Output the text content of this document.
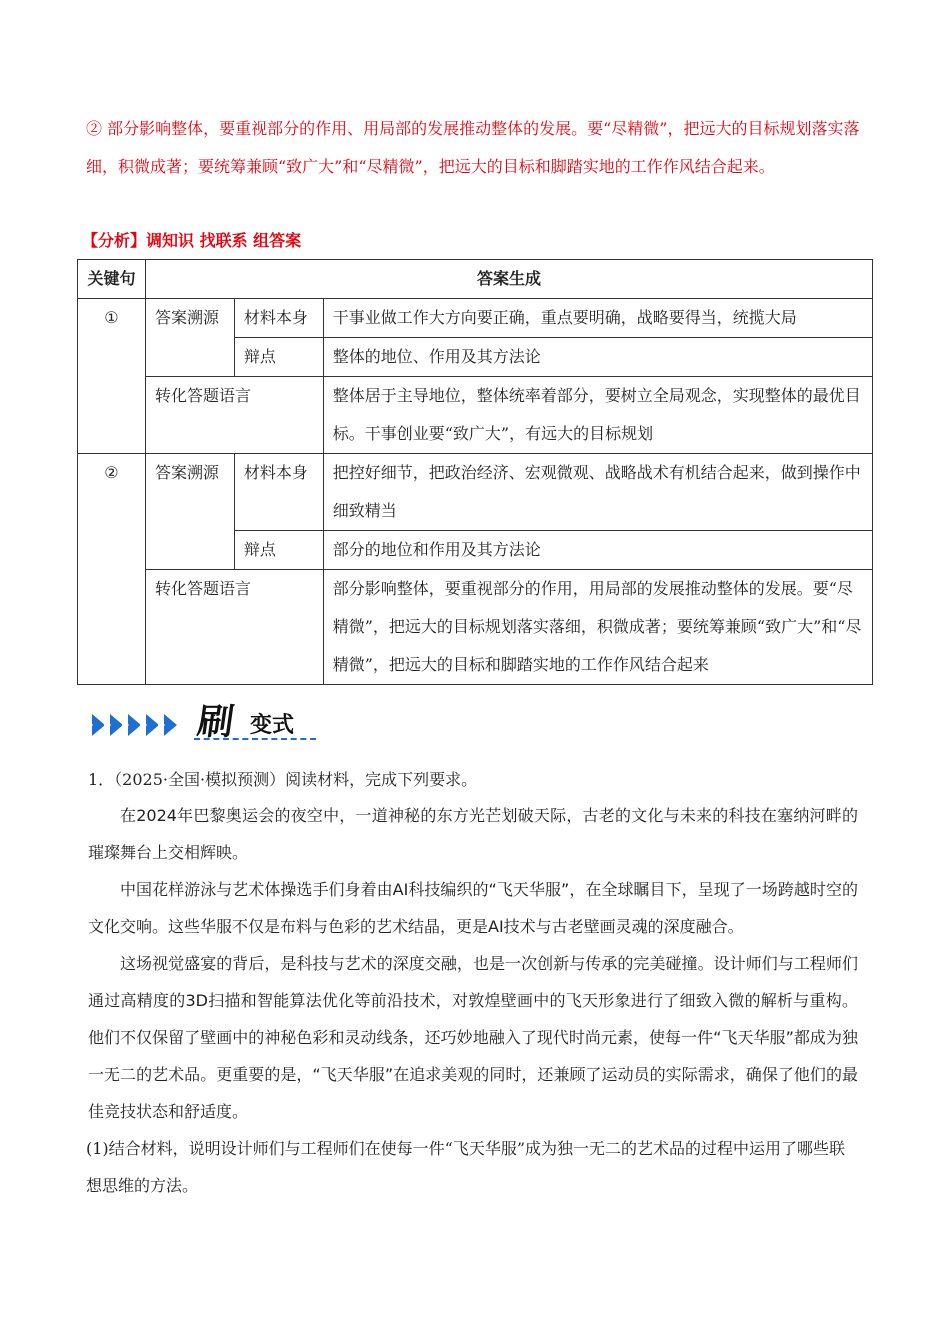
② 部分影响整体，要重视部分的作用、用局部的发展推动整体的发展。要“尽精微”，把远大的目标规划落实落细，积微成著；要统筹兼顾“致广大”和“尽精微”，把远大的目标和脚踏实地的工作作风结合起来。
【分析】调知识 找联系 组答案
关键句	答案生成		
①	答案溯源	材料本身	干事业做工作大方向要正确，重点要明确，战略要得当，统揽大局
		辩点	整体的地位、作用及其方法论
	转化答题语言		整体居于主导地位，整体统率着部分，要树立全局观念，实现整体的最优目标。干事创业要“致广大”，有远大的目标规划

②	答案溯源	材料本身	把控好细节，把政治经济、宏观微观、战略战术有机结合起来，做到操作中细致精当
		辩点	部分的地位和作用及其方法论
	转化答题语言		部分影响整体，要重视部分的作用，用局部的发展推动整体的发展。要“尽精微”，把远大的目标规划落实落细，积微成著；要统筹兼顾“致广大”和“尽精微”，把远大的目标和脚踏实地的工作作风结合起来
刷 变式
1．（2025·全国·模拟预测）阅读材料，完成下列要求。

在2024年巴黎奥运会的夜空中，一道神秘的东方光芒划破天际，古老的文化与未来的科技在塞纳河畔的璀璨舞台上交相辉映。

中国花样游泳与艺术体操选手们身着由AI科技编织的“飞天华服”，在全球瞩目下，呈现了一场跨越时空的文化交响。这些华服不仅是布料与色彩的艺术结晶，更是AI技术与古老壁画灵魂的深度融合。

这场视觉盛宴的背后，是科技与艺术的深度交融，也是一次创新与传承的完美碰撞。设计师们与工程师们通过高精度的3D扫描和智能算法优化等前沿技术，对敦煌壁画中的飞天形象进行了细致入微的解析与重构。他们不仅保留了壁画中的神秘色彩和灵动线条，还巧妙地融入了现代时尚元素，使每一件“飞天华服”都成为独一无二的艺术品。更重要的是，“飞天华服”在追求美观的同时，还兼顾了运动员的实际需求，确保了他们的最佳竞技状态和舒适度。

(1)结合材料，说明设计师们与工程师们在使每一件“飞天华服”成为独一无二的艺术品的过程中运用了哪些联想思维的方法。
